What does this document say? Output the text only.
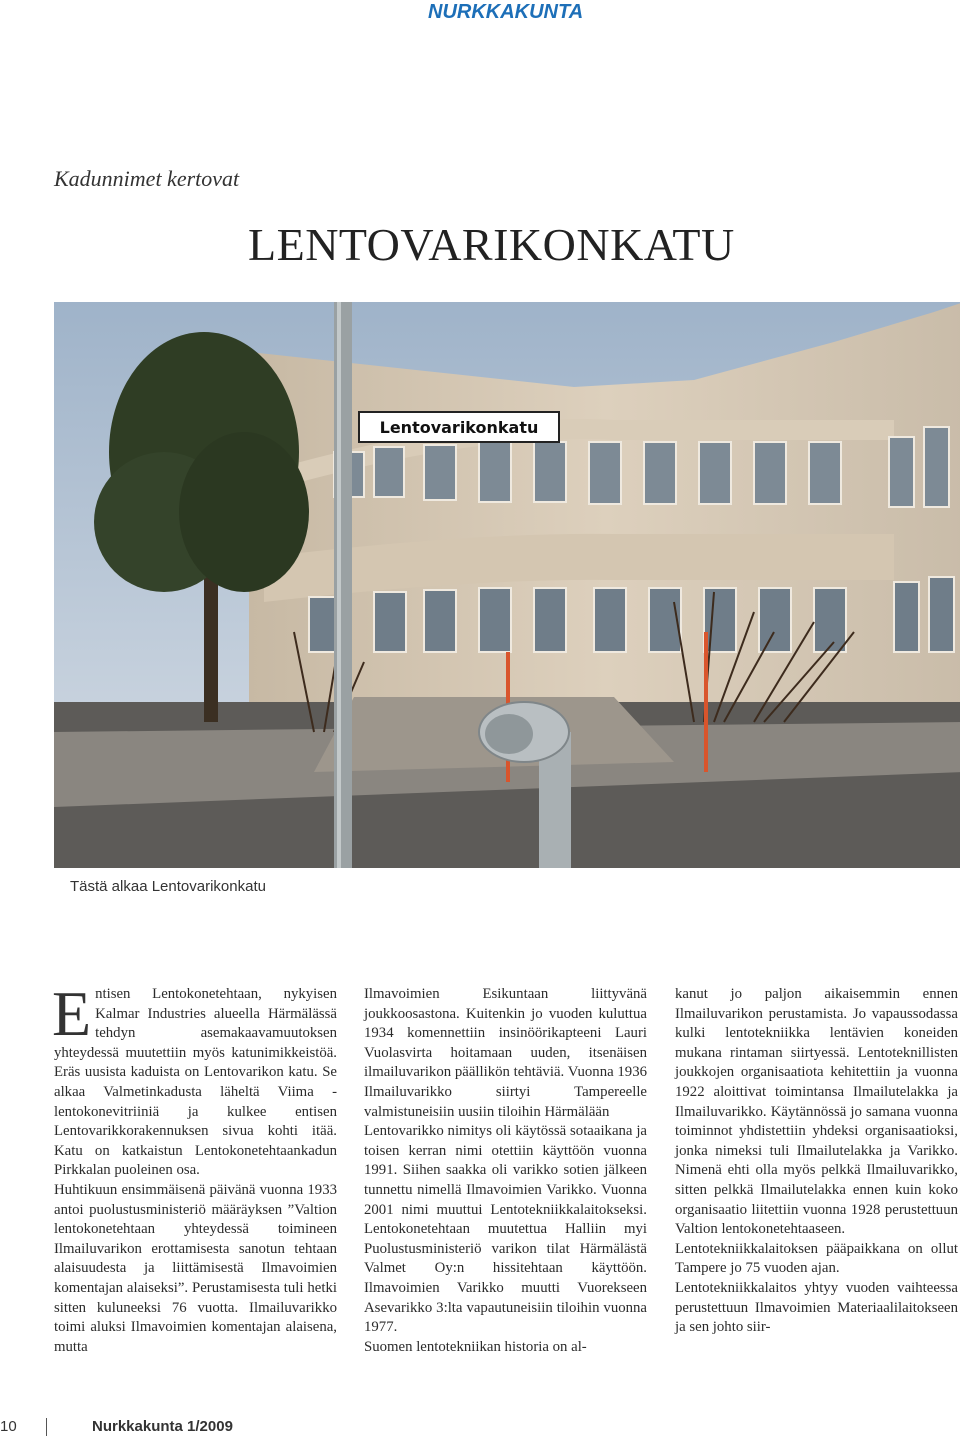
NURKKAKUNTA
Kadunnimet kertovat
LENTOVARIKONKATU
Lentovarikonkatu
Tästä alkaa Lentovarikonkatu
E ntisen Lentokonetehtaan, nykyisen Kalmar Industries alueella Härmälässä tehdyn asemakaavamuutoksen yhteydessä muutettiin myös katunimikkeistöä. Eräs uusista kaduista on Lentovarikon katu. Se alkaa Valmetinkadusta läheltä Viima -lentokonevitriiniä ja kulkee entisen Lentovarikkorakennuksen sivua kohti itää. Katu on katkaistun Lentokonetehtaankadun Pirkkalan puoleinen osa.

Huhtikuun ensimmäisenä päivänä vuonna 1933 antoi puolustusministeriö määräyksen ”Valtion lentokonetehtaan yhteydessä toimineen Ilmailuvarikon erottamisesta sanotun tehtaan alaisuudesta ja liittämisestä Ilmavoimien komentajan alaiseksi”. Perustamisesta tuli hetki sitten kuluneeksi 76 vuotta. Ilmailuvarikko toimi aluksi Ilmavoimien komentajan alaisena, mutta

Ilmavoimien Esikuntaan liittyvänä joukkoosastona. Kuitenkin jo vuoden kuluttua 1934 komennettiin insinöörikapteeni Lauri Vuolasvirta hoitamaan uuden, itsenäisen ilmailuvarikon päällikön tehtäviä. Vuonna 1936 Ilmailuvarikko siirtyi Tampereelle valmistuneisiin uusiin tiloihin Härmälään

Lentovarikko nimitys oli käytössä sotaaikana ja toisen kerran nimi otettiin käyttöön vuonna 1991. Siihen saakka oli varikko sotien jälkeen tunnettu nimellä Ilmavoimien Varikko. Vuonna 2001 nimi muuttui Lentotekniikkalaitokseksi. Lentokonetehtaan muutettua Halliin myi Puolustusministeriö varikon tilat Härmälästä Valmet Oy:n hissitehtaan käyttöön. Ilmavoimien Varikko muutti Vuorekseen Asevarikko 3:lta vapautuneisiin tiloihin vuonna 1977.

Suomen lentotekniikan historia on al-

kanut jo paljon aikaisemmin ennen Ilmailuvarikon perustamista. Jo vapaussodassa kulki lentotekniikka lentävien koneiden mukana rintaman siirtyessä. Lentoteknillisten joukkojen organisaatiota kehitettiin ja vuonna 1922 aloittivat toimintansa Ilmailutelakka ja Ilmailuvarikko. Käytännössä jo samana vuonna toiminnot yhdistettiin yhdeksi organisaatioksi, jonka nimeksi tuli Ilmailutelakka ja Varikko. Nimenä ehti olla myös pelkkä Ilmailuvarikko, sitten pelkkä Ilmailutelakka ennen kuin koko organisaatio liitettiin vuonna 1928 perustettuun Valtion lentokonetehtaaseen.

Lentotekniikkalaitoksen pääpaikkana on ollut Tampere jo 75 vuoden ajan.

Lentotekniikkalaitos yhtyy vuoden vaihteessa perustettuun Ilmavoimien Materiaalilaitokseen ja sen johto siir-

10	Nurkkakunta 1/2009
